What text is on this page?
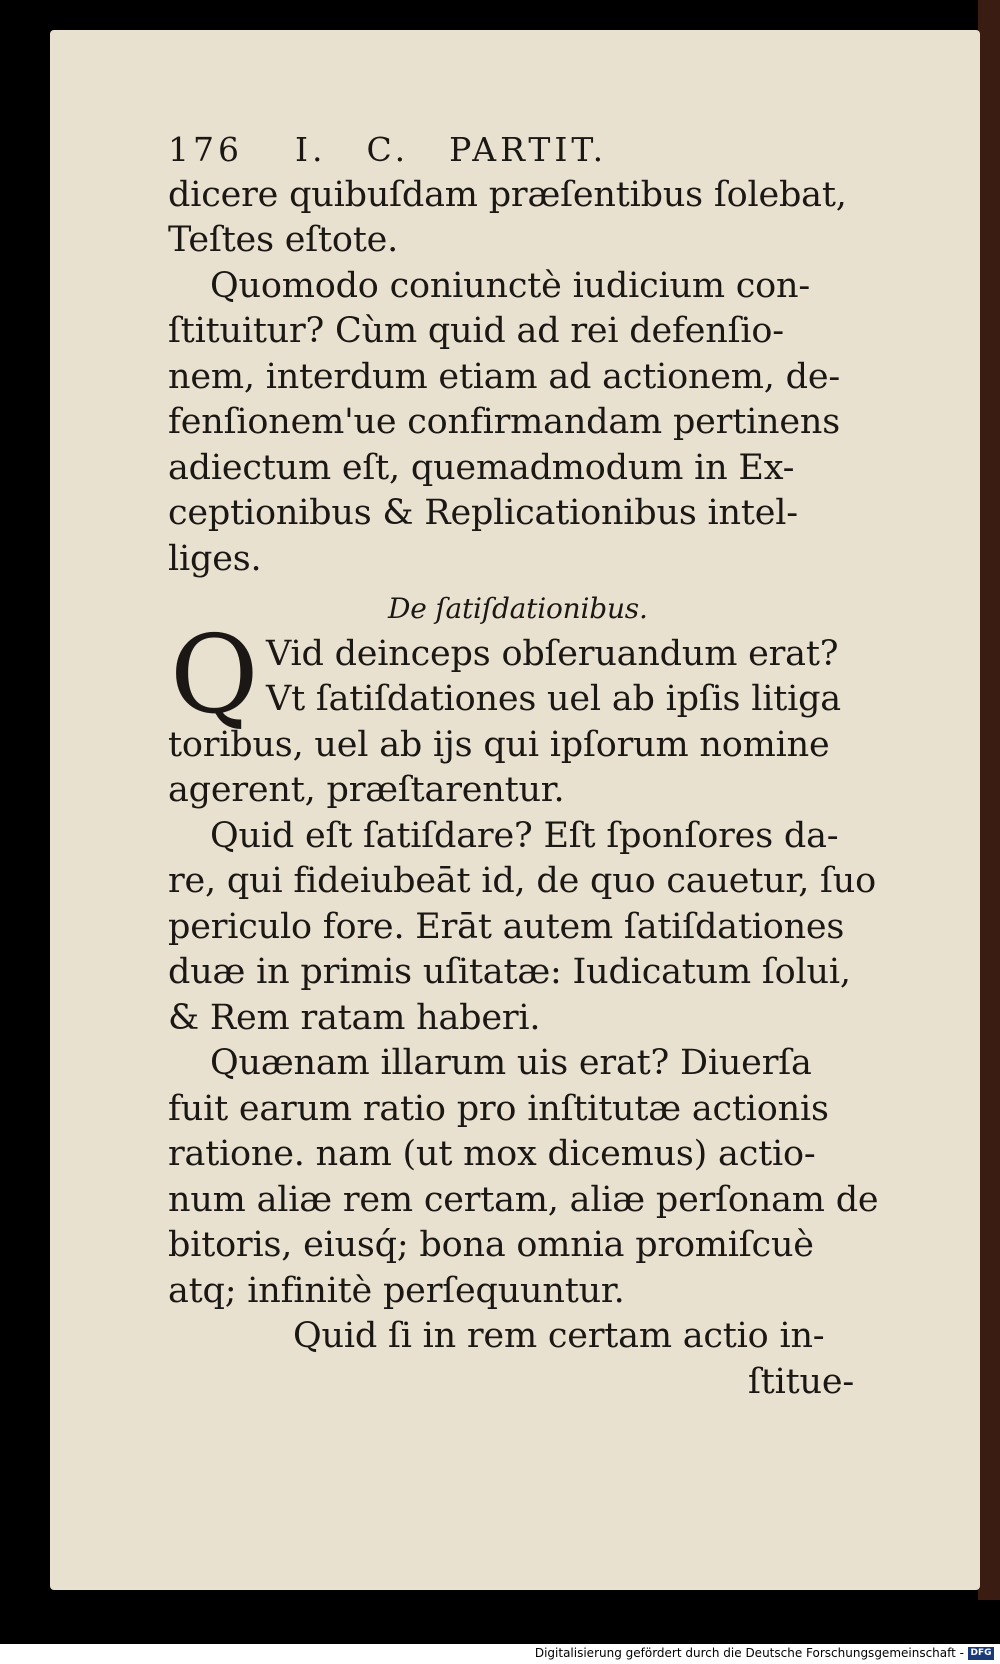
176 I. C. PARTIT.
dicere quibuſdam præſentibus ſolebat,
Teſtes eſtote.
Quomodo coniunctè iudicium con-
ſtituitur? Cùm quid ad rei defenſio-
nem, interdum etiam ad actionem, de-
fenſionem'ue confirmandam pertinens
adiectum eſt, quemadmodum in Ex-
ceptionibus & Replicationibus intel-
liges.
De ſatiſdationibus.
Q Vid deinceps obſeruandum erat?
Vt ſatiſdationes uel ab ipſis litiga
toribus, uel ab ijs qui ipſorum nomine
agerent, præſtarentur.
Quid eſt ſatiſdare? Eſt ſponſores da-
re, qui fideiubeāt id, de quo cauetur, ſuo
periculo fore. Erāt autem ſatiſdationes
duæ in primis uſitatæ: Iudicatum ſolui,
& Rem ratam haberi.
Quænam illarum uis erat? Diuerſa
fuit earum ratio pro inſtitutæ actionis
ratione. nam (ut mox dicemus) actio-
num aliæ rem certam, aliæ perſonam de
bitoris, eiusq́; bona omnia promiſcuè
atq; infinitè perſequuntur.
Quid ſi in rem certam actio in-
ſtitue-
Digitalisierung gefördert durch die Deutsche Forschungsgemeinschaft - DFG
